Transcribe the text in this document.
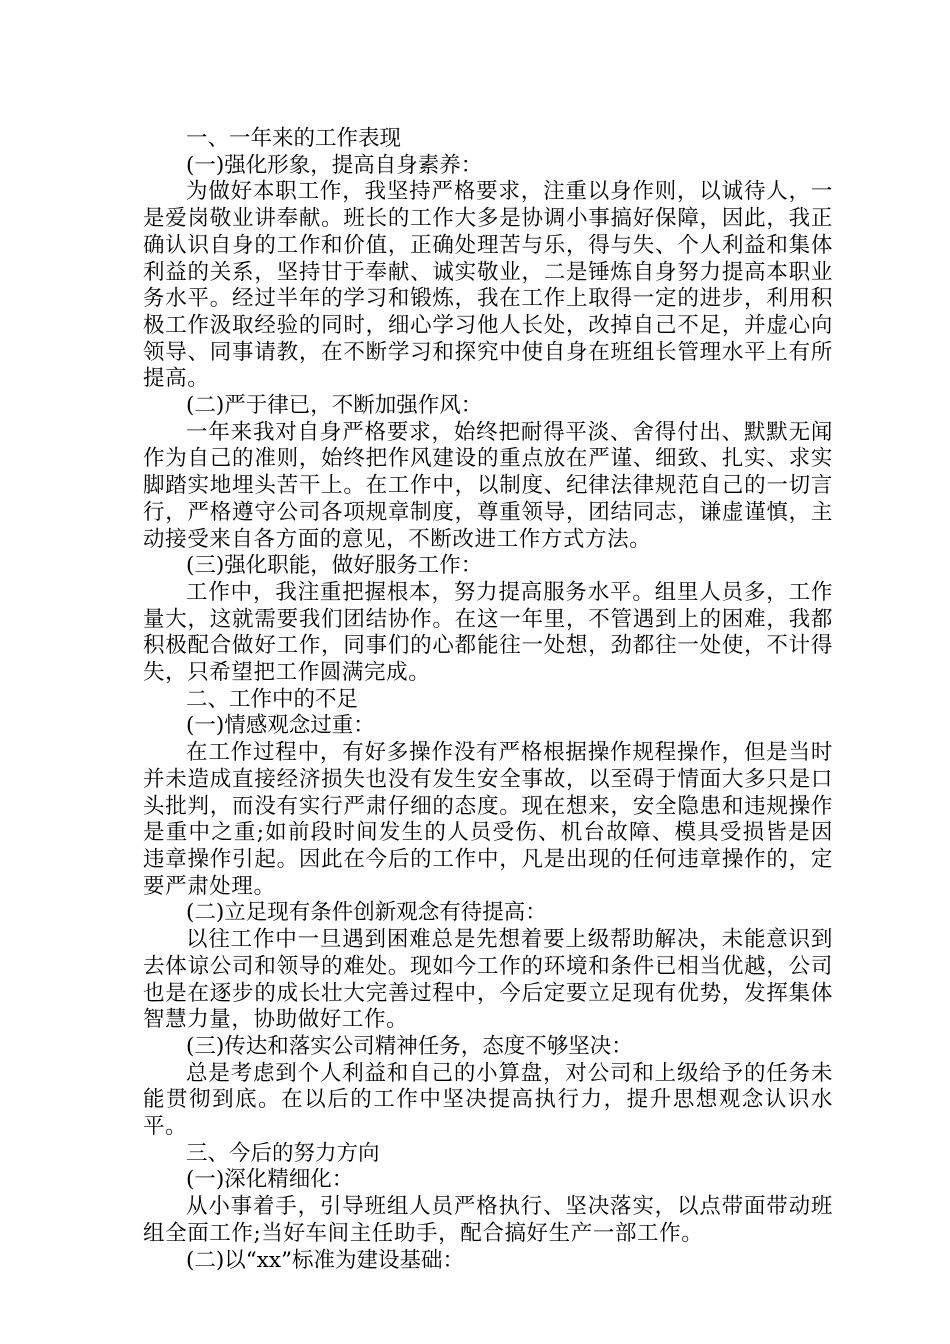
一、一年来的工作表现

(一)强化形象，提高自身素养：

为做好本职工作，我坚持严格要求，注重以身作则，以诚待人，一是爱岗敬业讲奉献。班长的工作大多是协调小事搞好保障，因此，我正确认识自身的工作和价值，正确处理苦与乐，得与失、个人利益和集体利益的关系，坚持甘于奉献、诚实敬业，二是锤炼自身努力提高本职业务水平。经过半年的学习和锻炼，我在工作上取得一定的进步，利用积极工作汲取经验的同时，细心学习他人长处，改掉自己不足，并虚心向领导、同事请教，在不断学习和探究中使自身在班组长管理水平上有所提高。

(二)严于律已，不断加强作风：

一年来我对自身严格要求，始终把耐得平淡、舍得付出、默默无闻作为自己的准则，始终把作风建设的重点放在严谨、细致、扎实、求实脚踏实地埋头苦干上。在工作中，以制度、纪律法律规范自己的一切言行，严格遵守公司各项规章制度，尊重领导，团结同志，谦虚谨慎，主动接受来自各方面的意见，不断改进工作方式方法。

(三)强化职能，做好服务工作：

工作中，我注重把握根本，努力提高服务水平。组里人员多，工作量大，这就需要我们团结协作。在这一年里，不管遇到上的困难，我都积极配合做好工作，同事们的心都能往一处想，劲都往一处使，不计得失，只希望把工作圆满完成。

二、工作中的不足

(一)情感观念过重：

在工作过程中，有好多操作没有严格根据操作规程操作，但是当时并未造成直接经济损失也没有发生安全事故，以至碍于情面大多只是口头批判，而没有实行严肃仔细的态度。现在想来，安全隐患和违规操作是重中之重;如前段时间发生的人员受伤、机台故障、模具受损皆是因违章操作引起。因此在今后的工作中，凡是出现的任何违章操作的，定要严肃处理。

(二)立足现有条件创新观念有待提高：

以往工作中一旦遇到困难总是先想着要上级帮助解决，未能意识到去体谅公司和领导的难处。现如今工作的环境和条件已相当优越，公司也是在逐步的成长壮大完善过程中，今后定要立足现有优势，发挥集体智慧力量，协助做好工作。

(三)传达和落实公司精神任务，态度不够坚决：

总是考虑到个人利益和自己的小算盘，对公司和上级给予的任务未能贯彻到底。在以后的工作中坚决提高执行力，提升思想观念认识水平。

三、今后的努力方向

(一)深化精细化：

从小事着手，引导班组人员严格执行、坚决落实，以点带面带动班组全面工作;当好车间主任助手，配合搞好生产一部工作。

(二)以“xx”标准为建设基础：
